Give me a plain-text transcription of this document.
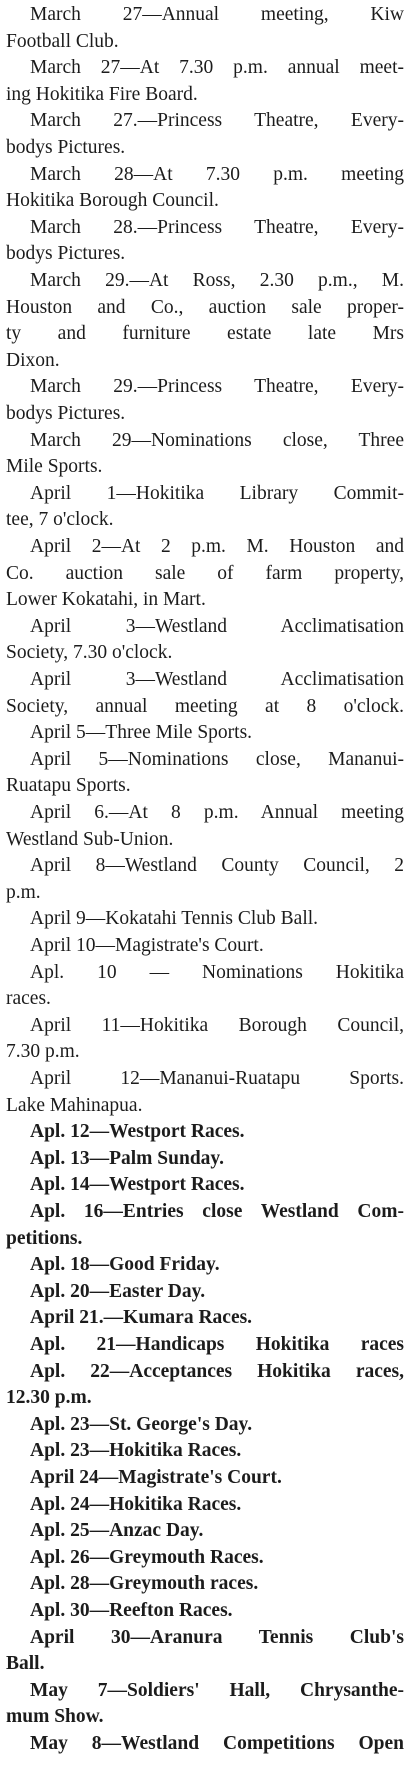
March 27—Annual meeting, Kiw
Football Club.
March 27—At 7.30 p.m. annual meet-
ing Hokitika Fire Board.
March 27.—Princess Theatre, Every-
bodys Pictures.
March 28—At 7.30 p.m. meeting
Hokitika Borough Council.
March 28.—Princess Theatre, Every-
bodys Pictures.
March 29.—At Ross, 2.30 p.m., M.
Houston and Co., auction sale proper-
ty and furniture estate late Mrs
Dixon.
March 29.—Princess Theatre, Every-
bodys Pictures.
March 29—Nominations close, Three
Mile Sports.
April 1—Hokitika Library Commit-
tee, 7 o'clock.
April 2—At 2 p.m. M. Houston and
Co. auction sale of farm property,
Lower Kokatahi, in Mart.
April 3—Westland Acclimatisation
Society, 7.30 o'clock.
April 3—Westland Acclimatisation
Society, annual meeting at 8 o'clock.
April 5—Three Mile Sports.
April 5—Nominations close, Mananui-
Ruatapu Sports.
April 6.—At 8 p.m. Annual meeting
Westland Sub-Union.
April 8—Westland County Council, 2
p.m.
April 9—Kokatahi Tennis Club Ball.
April 10—Magistrate's Court.
Apl. 10 — Nominations Hokitika
races.
April 11—Hokitika Borough Council,
7.30 p.m.
April 12—Mananui-Ruatapu Sports.
Lake Mahinapua.
Apl. 12—Westport Races.
Apl. 13—Palm Sunday.
Apl. 14—Westport Races.
Apl. 16—Entries close Westland Com-
petitions.
Apl. 18—Good Friday.
Apl. 20—Easter Day.
April 21.—Kumara Races.
Apl. 21—Handicaps Hokitika races
Apl. 22—Acceptances Hokitika races,
12.30 p.m.
Apl. 23—St. George's Day.
Apl. 23—Hokitika Races.
April 24—Magistrate's Court.
Apl. 24—Hokitika Races.
Apl. 25—Anzac Day.
Apl. 26—Greymouth Races.
Apl. 28—Greymouth races.
Apl. 30—Reefton Races.
April 30—Aranura Tennis Club's
Ball.
May 7—Soldiers' Hall, Chrysanthe-
mum Show.
May 8—Westland Competitions Open
